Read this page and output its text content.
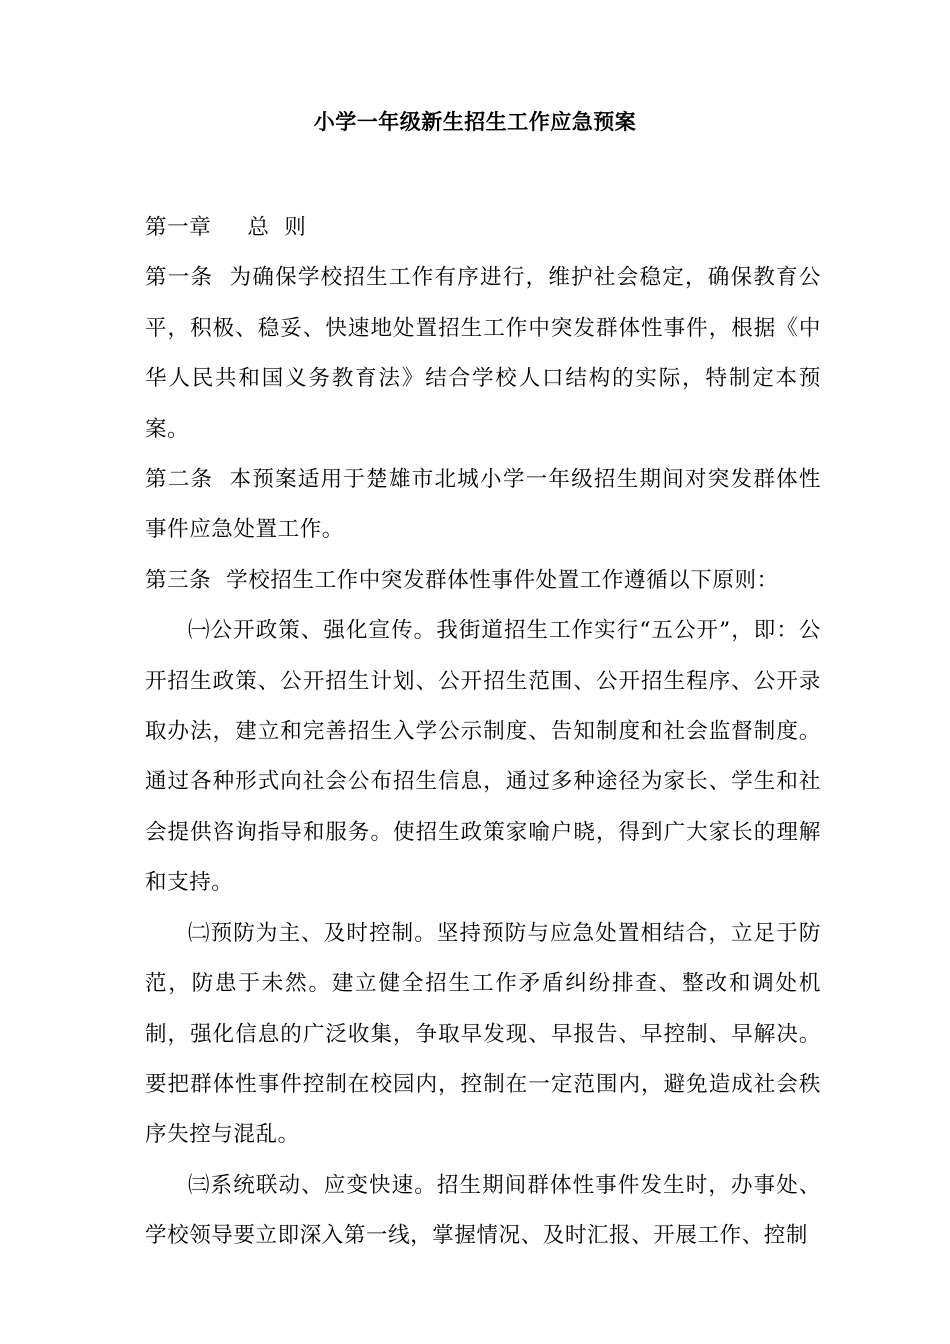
小学一年级新生招生工作应急预案

第一章 总  则

第一条  为确保学校招生工作有序进行，维护社会稳定，确保教育公平，积极、稳妥、快速地处置招生工作中突发群体性事件，根据《中华人民共和国义务教育法》结合学校人口结构的实际，特制定本预案。

第二条  本预案适用于楚雄市北城小学一年级招生期间对突发群体性事件应急处置工作。

第三条  学校招生工作中突发群体性事件处置工作遵循以下原则：

㈠公开政策、强化宣传。我街道招生工作实行“五公开”，即：公开招生政策、公开招生计划、公开招生范围、公开招生程序、公开录取办法，建立和完善招生入学公示制度、告知制度和社会监督制度。通过各种形式向社会公布招生信息，通过多种途径为家长、学生和社会提供咨询指导和服务。使招生政策家喻户晓，得到广大家长的理解和支持。

㈡预防为主、及时控制。坚持预防与应急处置相结合，立足于防范，防患于未然。建立健全招生工作矛盾纠纷排查、整改和调处机制，强化信息的广泛收集，争取早发现、早报告、早控制、早解决。要把群体性事件控制在校园内，控制在一定范围内，避免造成社会秩序失控与混乱。

㈢系统联动、应变快速。招生期间群体性事件发生时，办事处、学校领导要立即深入第一线，掌握情况、及时汇报、开展工作、控制
